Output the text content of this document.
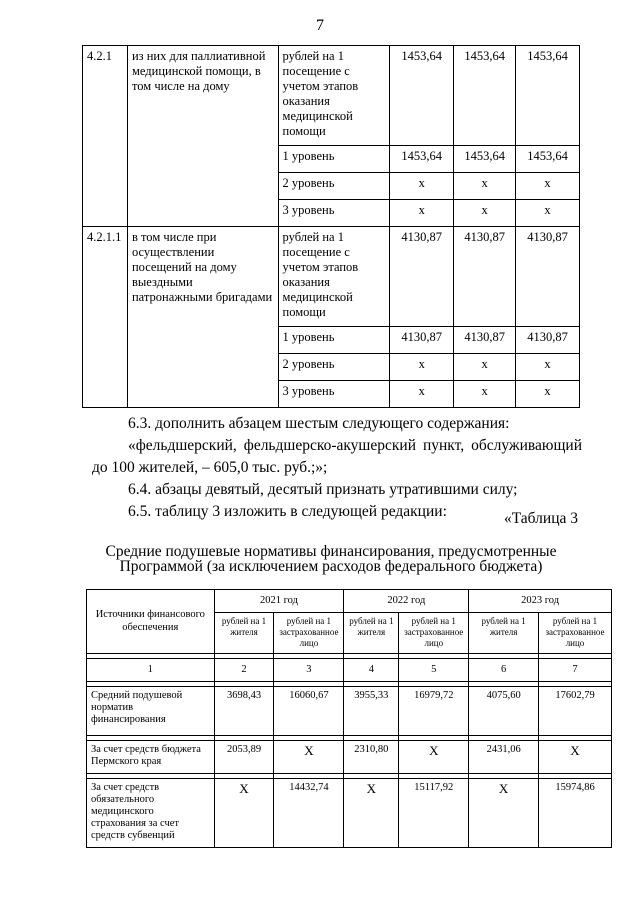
7
4.2.1	из них для паллиативной медицинской помощи, в том числе на дому	рублей на 1 посещение с учетом этапов оказания медицинской помощи	1453,64	1453,64	1453,64
		1 уровень	1453,64	1453,64	1453,64
		2 уровень	х	х	х
		3 уровень	х	х	х
4.2.1.1	в том числе при осуществлении посещений на дому выездными патронажными бригадами	рублей на 1 посещение с учетом этапов оказания медицинской помощи	4130,87	4130,87	4130,87
		1 уровень	4130,87	4130,87	4130,87
		2 уровень	х	х	х
		3 уровень	х	х	х
6.3. дополнить абзацем шестым следующего содержания:
«фельдшерский, фельдшерско-акушерский пункт, обслуживающий
до 100 жителей, – 605,0 тыс. руб.;»;
6.4. абзацы девятый, десятый признать утратившими силу;
6.5. таблицу 3 изложить в следующей редакции:	«Таблица 3
Средние подушевые нормативы финансирования, предусмотренные
Программой (за исключением расходов федерального бюджета)
Источники финансового обеспечения	2021 год		2022 год		2023 год	
	рублей на 1 жителя	рублей на 1 застрахованное лицо	рублей на 1 жителя	рублей на 1 застрахованное лицо	рублей на 1 жителя	рублей на 1 застрахованное лицо

1	2	3	4	5	6	7

Средний подушевой норматив финансирования	3698,43	16060,67	3955,33	16979,72	4075,60	17602,79

За счет средств бюджета Пермского края	2053,89	Х	2310,80	Х	2431,06	Х

За счет средств обязательного медицинского страхования за счет средств субвенций	Х	14432,74	Х	15117,92	Х	15974,86
